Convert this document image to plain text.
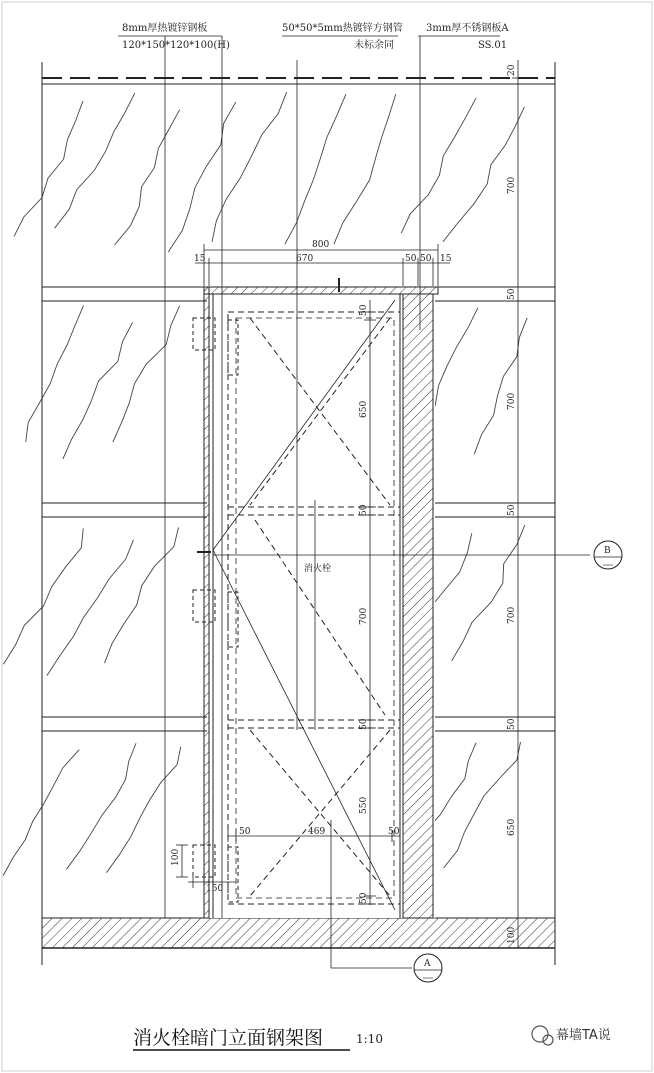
8mm厚热镀锌钢板
120*150*120*100(H)
50*50*5mm热镀锌方钢管
未标余同
3mm厚不锈钢板A
SS.01
800
15	670	50 50 15
20
700
50
700
50
700
50
650
100
50
650
50
700
50
550
50
50	469	50
100
150
消火栓
B
A
消火栓暗门立面钢架图	1:10	幕墙TA说
